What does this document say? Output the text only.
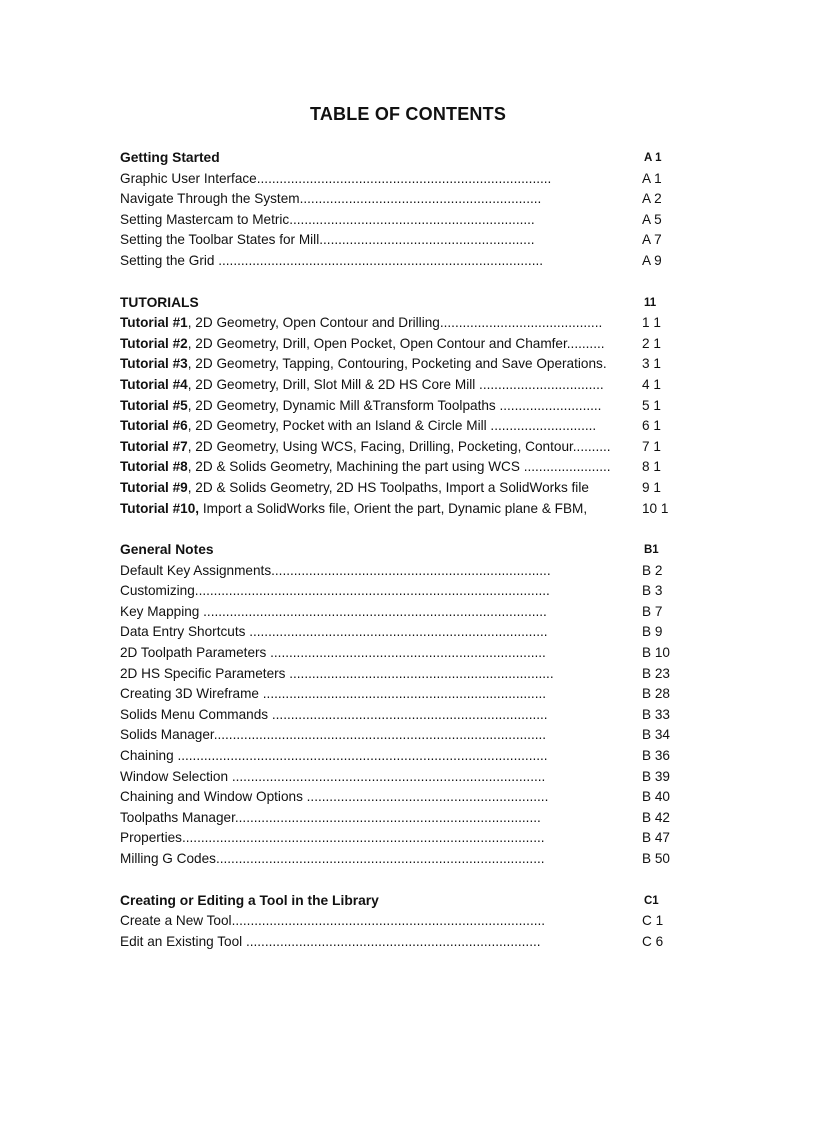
TABLE OF CONTENTS
Getting Started	A 1
Graphic User Interface..............................................................................	A 1
Navigate Through the System................................................................	A 2
Setting Mastercam to Metric.................................................................	A 5
Setting the Toolbar States for Mill.........................................................	A 7
Setting the Grid ......................................................................................	A 9
TUTORIALS	11
Tutorial #1, 2D Geometry, Open Contour and Drilling...........................................	1 1
Tutorial #2, 2D Geometry, Drill, Open Pocket, Open Contour and Chamfer..........	2 1
Tutorial #3, 2D Geometry, Tapping, Contouring, Pocketing and Save Operations.	3 1
Tutorial #4, 2D Geometry, Drill, Slot Mill & 2D HS Core Mill .................................	4 1
Tutorial #5, 2D Geometry, Dynamic Mill &Transform Toolpaths ...........................	5 1
Tutorial #6, 2D Geometry, Pocket with an Island & Circle Mill ............................	6 1
Tutorial #7, 2D Geometry, Using WCS, Facing, Drilling, Pocketing, Contour.......... 7 1
Tutorial #8, 2D & Solids Geometry, Machining the part using WCS ....................... 8 1
Tutorial #9, 2D & Solids Geometry, 2D HS Toolpaths, Import a SolidWorks file	9 1
Tutorial #10, Import a SolidWorks file, Orient the part, Dynamic plane & FBM,	10 1
General Notes	B1
Default Key Assignments..........................................................................	B 2
Customizing..............................................................................................	B 3
Key Mapping ...........................................................................................	B 7
Data Entry Shortcuts ...............................................................................	B 9
2D Toolpath Parameters .........................................................................	B 10
2D HS Specific Parameters ......................................................................	B 23
Creating 3D Wireframe ...........................................................................	B 28
Solids Menu Commands .........................................................................	B 33
Solids Manager........................................................................................	B 34
Chaining ..................................................................................................	B 36
Window Selection ...................................................................................	B 39
Chaining and Window Options ................................................................	B 40
Toolpaths Manager.................................................................................	B 42
Properties................................................................................................	B 47
Milling G Codes.......................................................................................	B 50
Creating or Editing a Tool in the Library	C1
Create a New Tool...................................................................................	C 1
Edit an Existing Tool ..............................................................................	C 6
